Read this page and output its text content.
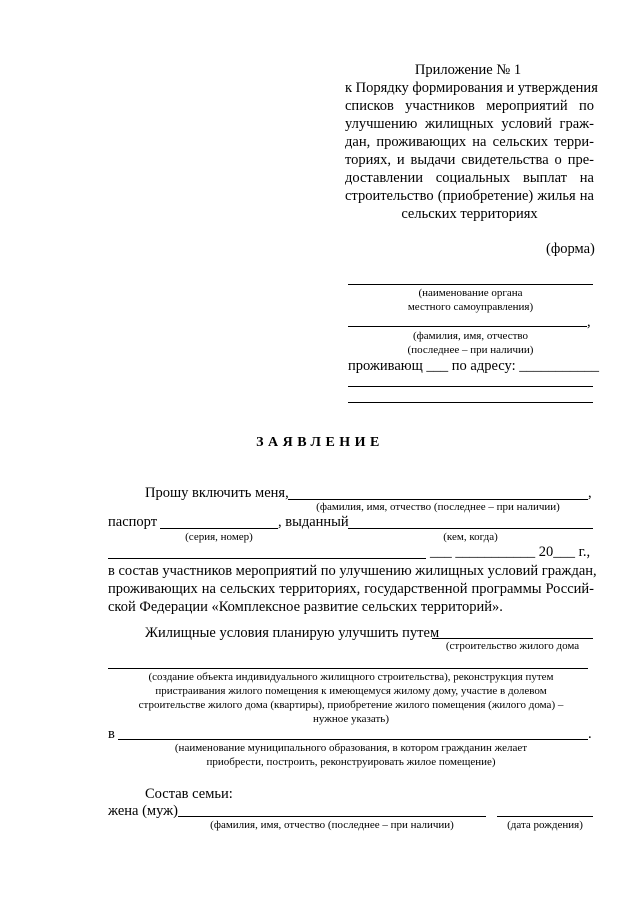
Приложение № 1
к Порядку формирования и утверждения
списков участников мероприятий по
улучшению жилищных условий граж-
дан, проживающих на сельских терри-
ториях, и выдачи свидетельства о пре-
доставлении социальных выплат на
строительство (приобретение) жилья на
сельских территориях
(форма)
(наименование органа
местного самоуправления)
,
(фамилия, имя, отчество
(последнее – при наличии)
проживающ ___ по адресу: ___________
ЗАЯВЛЕНИЕ
Прошу включить меня,	,
(фамилия, имя, отчество (последнее – при наличии)
паспорт	, выданный
(серия, номер)	(кем, когда)
___ ___________ 20___ г.,
в состав участников мероприятий по улучшению жилищных условий граждан,
проживающих на сельских территориях, государственной программы Россий-
ской Федерации «Комплексное развитие сельских территорий».
Жилищные условия планирую улучшить путем
(строительство жилого дома
(создание объекта индивидуального жилищного строительства), реконструкция путем
пристраивания жилого помещения к имеющемуся жилому дому, участие в долевом
строительстве жилого дома (квартиры), приобретение жилого помещения (жилого дома) –
нужное указать)
в	.
(наименование муниципального образования, в котором гражданин желает
приобрести, построить, реконструировать жилое помещение)
Состав семьи:
жена (муж)
(фамилия, имя, отчество (последнее – при наличии)	(дата рождения)
